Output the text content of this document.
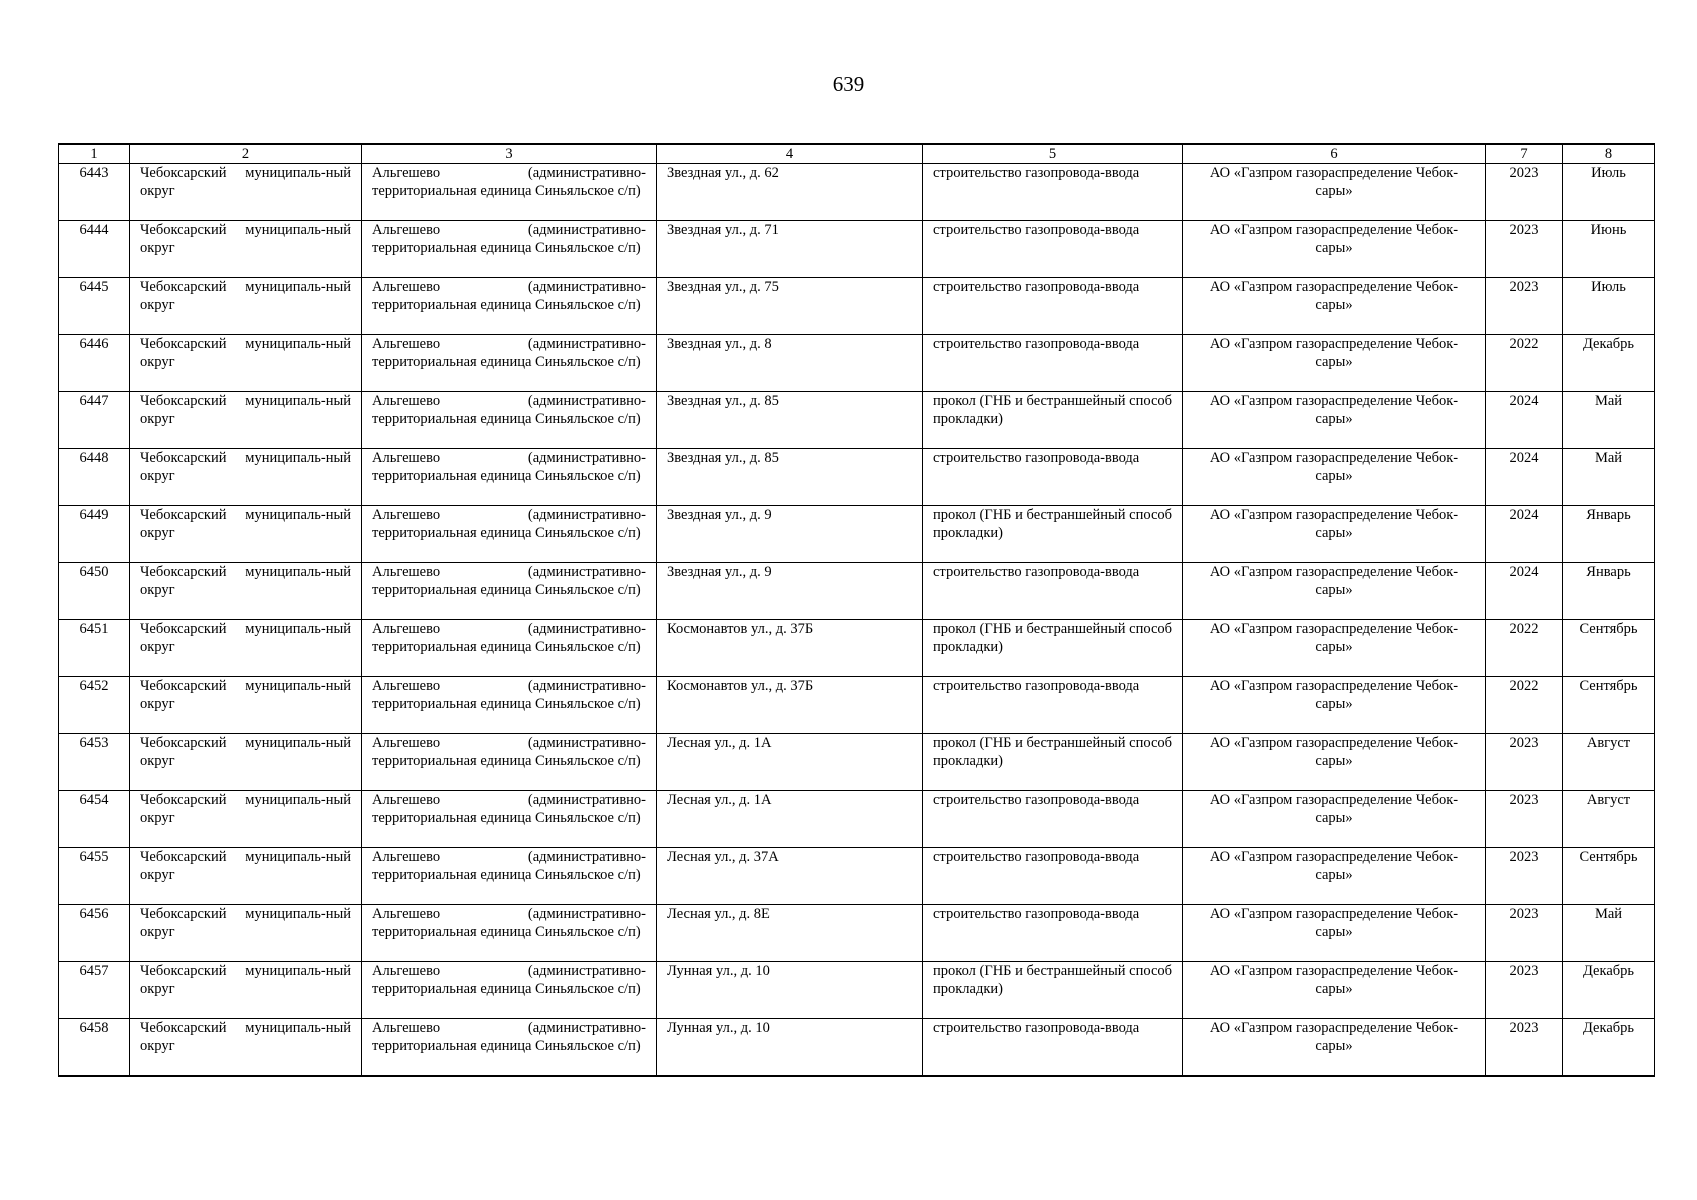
639
1	2	3	4	5	6	7	8
6443	Чебоксарский муниципаль-ный округ	Альгешево (административно-территориальная единица Синьяльское с/п)	Звездная ул., д. 62	строительство газопровода-ввода	АО «Газпром газораспределение Чебок-сары»	2023	Июль
6444	Чебоксарский муниципаль-ный округ	Альгешево (административно-территориальная единица Синьяльское с/п)	Звездная ул., д. 71	строительство газопровода-ввода	АО «Газпром газораспределение Чебок-сары»	2023	Июнь
6445	Чебоксарский муниципаль-ный округ	Альгешево (административно-территориальная единица Синьяльское с/п)	Звездная ул., д. 75	строительство газопровода-ввода	АО «Газпром газораспределение Чебок-сары»	2023	Июль
6446	Чебоксарский муниципаль-ный округ	Альгешево (административно-территориальная единица Синьяльское с/п)	Звездная ул., д. 8	строительство газопровода-ввода	АО «Газпром газораспределение Чебок-сары»	2022	Декабрь
6447	Чебоксарский муниципаль-ный округ	Альгешево (административно-территориальная единица Синьяльское с/п)	Звездная ул., д. 85	прокол (ГНБ и бестраншейный способ прокладки)	АО «Газпром газораспределение Чебок-сары»	2024	Май
6448	Чебоксарский муниципаль-ный округ	Альгешево (административно-территориальная единица Синьяльское с/п)	Звездная ул., д. 85	строительство газопровода-ввода	АО «Газпром газораспределение Чебок-сары»	2024	Май
6449	Чебоксарский муниципаль-ный округ	Альгешево (административно-территориальная единица Синьяльское с/п)	Звездная ул., д. 9	прокол (ГНБ и бестраншейный способ прокладки)	АО «Газпром газораспределение Чебок-сары»	2024	Январь
6450	Чебоксарский муниципаль-ный округ	Альгешево (административно-территориальная единица Синьяльское с/п)	Звездная ул., д. 9	строительство газопровода-ввода	АО «Газпром газораспределение Чебок-сары»	2024	Январь
6451	Чебоксарский муниципаль-ный округ	Альгешево (административно-территориальная единица Синьяльское с/п)	Космонавтов ул., д. 37Б	прокол (ГНБ и бестраншейный способ прокладки)	АО «Газпром газораспределение Чебок-сары»	2022	Сентябрь
6452	Чебоксарский муниципаль-ный округ	Альгешево (административно-территориальная единица Синьяльское с/п)	Космонавтов ул., д. 37Б	строительство газопровода-ввода	АО «Газпром газораспределение Чебок-сары»	2022	Сентябрь
6453	Чебоксарский муниципаль-ный округ	Альгешево (административно-территориальная единица Синьяльское с/п)	Лесная ул., д. 1А	прокол (ГНБ и бестраншейный способ прокладки)	АО «Газпром газораспределение Чебок-сары»	2023	Август
6454	Чебоксарский муниципаль-ный округ	Альгешево (административно-территориальная единица Синьяльское с/п)	Лесная ул., д. 1А	строительство газопровода-ввода	АО «Газпром газораспределение Чебок-сары»	2023	Август
6455	Чебоксарский муниципаль-ный округ	Альгешево (административно-территориальная единица Синьяльское с/п)	Лесная ул., д. 37А	строительство газопровода-ввода	АО «Газпром газораспределение Чебок-сары»	2023	Сентябрь
6456	Чебоксарский муниципаль-ный округ	Альгешево (административно-территориальная единица Синьяльское с/п)	Лесная ул., д. 8Е	строительство газопровода-ввода	АО «Газпром газораспределение Чебок-сары»	2023	Май
6457	Чебоксарский муниципаль-ный округ	Альгешево (административно-территориальная единица Синьяльское с/п)	Лунная ул., д. 10	прокол (ГНБ и бестраншейный способ прокладки)	АО «Газпром газораспределение Чебок-сары»	2023	Декабрь
6458	Чебоксарский муниципаль-ный округ	Альгешево (административно-территориальная единица Синьяльское с/п)	Лунная ул., д. 10	строительство газопровода-ввода	АО «Газпром газораспределение Чебок-сары»	2023	Декабрь
